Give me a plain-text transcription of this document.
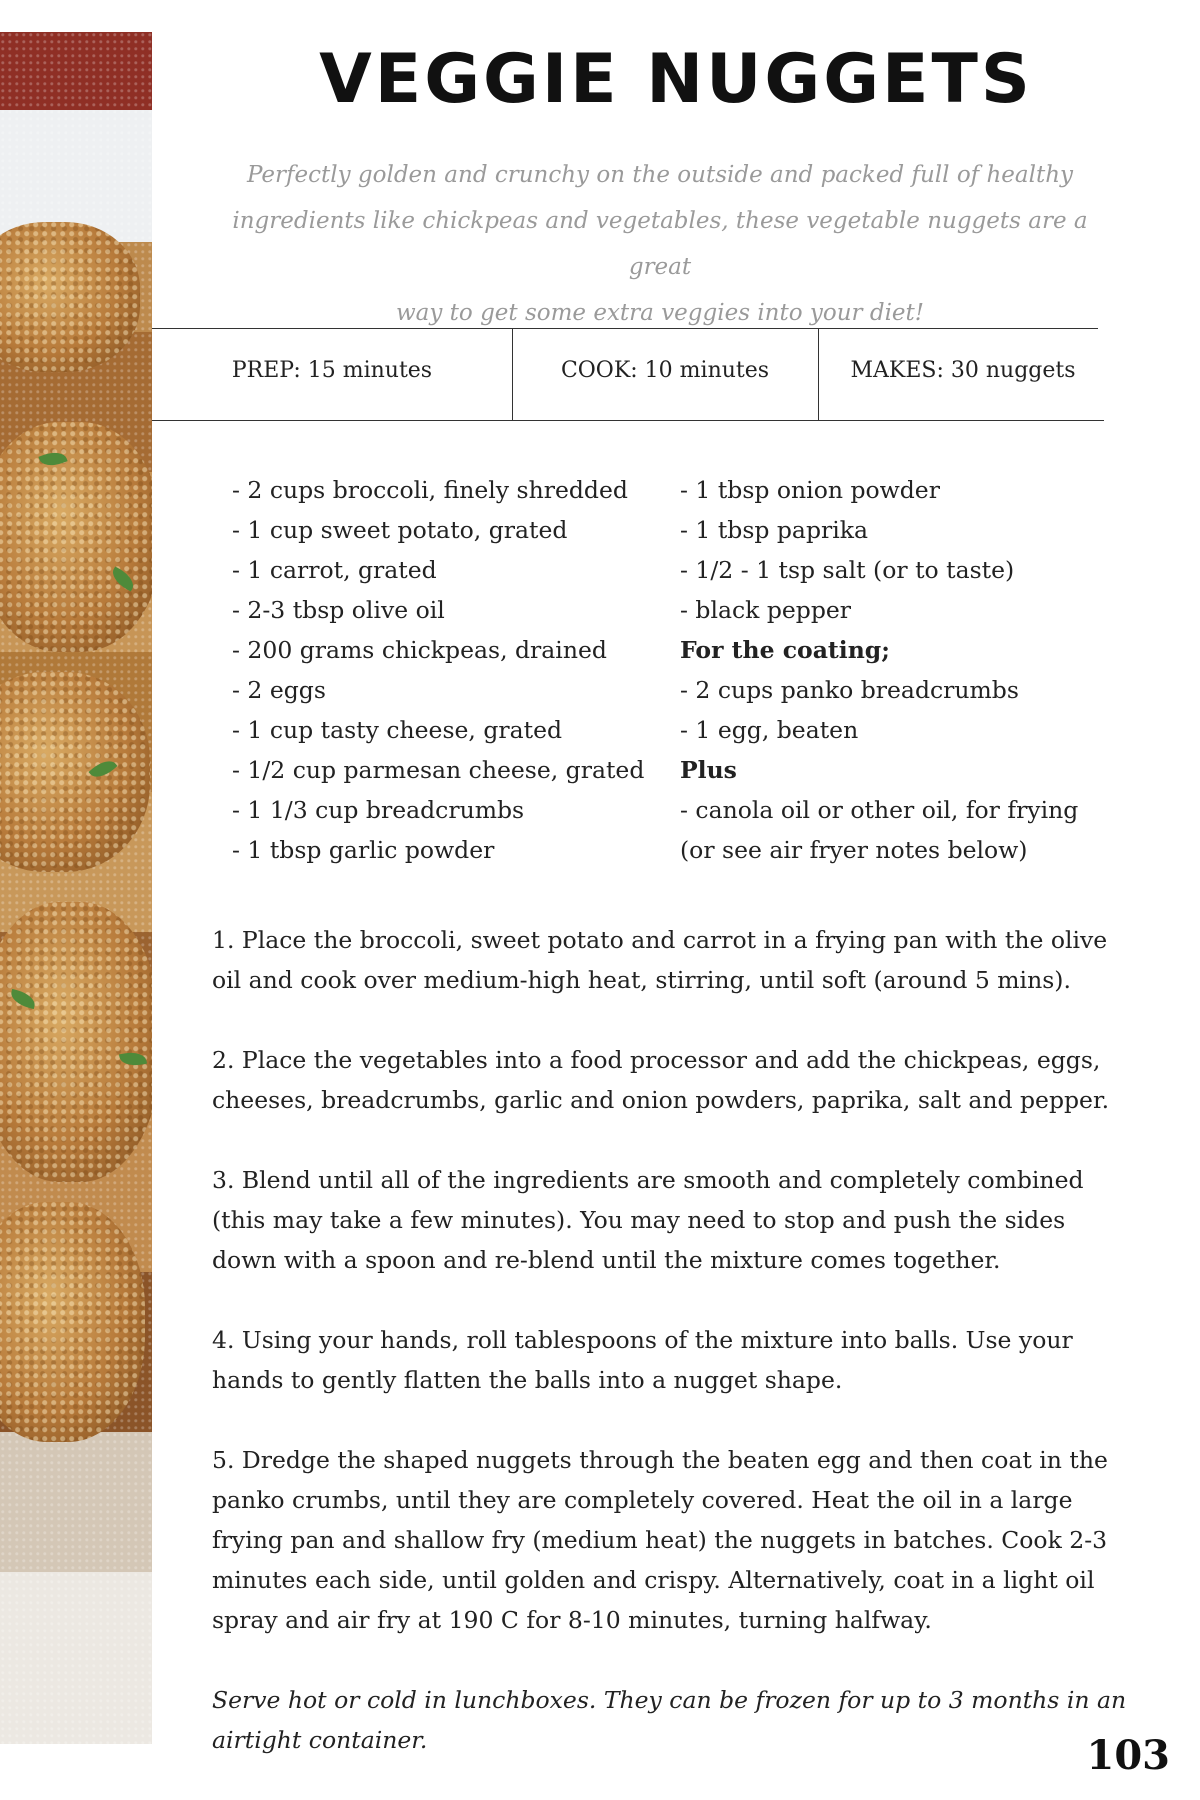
VEGGIE NUGGETS
Perfectly golden and crunchy on the outside and packed full of healthy
ingredients like chickpeas and vegetables, these vegetable nuggets are a great
way to get some extra veggies into your diet!
PREP: 15 minutes	COOK: 10 minutes	MAKES: 30 nuggets
- 2 cups broccoli, finely shredded
- 1 cup sweet potato, grated
- 1 carrot, grated
- 2-3 tbsp olive oil
- 200 grams chickpeas, drained
- 2 eggs
- 1 cup tasty cheese, grated
- 1/2 cup parmesan cheese, grated
- 1 1/3 cup breadcrumbs
- 1 tbsp garlic powder
- 1 tbsp onion powder
- 1 tbsp paprika
- 1/2 - 1 tsp salt (or to taste)
- black pepper
For the coating;
- 2 cups panko breadcrumbs
- 1 egg, beaten
Plus
- canola oil or other oil, for frying
(or see air fryer notes below)

1. Place the broccoli, sweet potato and carrot in a frying pan with the olive oil and cook over medium-high heat, stirring, until soft (around 5 mins).

2. Place the vegetables into a food processor and add the chickpeas, eggs, cheeses, breadcrumbs, garlic and onion powders, paprika, salt and pepper.

3. Blend until all of the ingredients are smooth and completely combined (this may take a few minutes). You may need to stop and push the sides down with a spoon and re-blend until the mixture comes together.

4. Using your hands, roll tablespoons of the mixture into balls. Use your hands to gently flatten the balls into a nugget shape.

5. Dredge the shaped nuggets through the beaten egg and then coat in the panko crumbs, until they are completely covered. Heat the oil in a large frying pan and shallow fry (medium heat) the nuggets in batches. Cook 2-3 minutes each side, until golden and crispy. Alternatively, coat in a light oil spray and air fry at 190 C for 8-10 minutes, turning halfway.

Serve hot or cold in lunchboxes. They can be frozen for up to 3 months in an airtight container.	103
